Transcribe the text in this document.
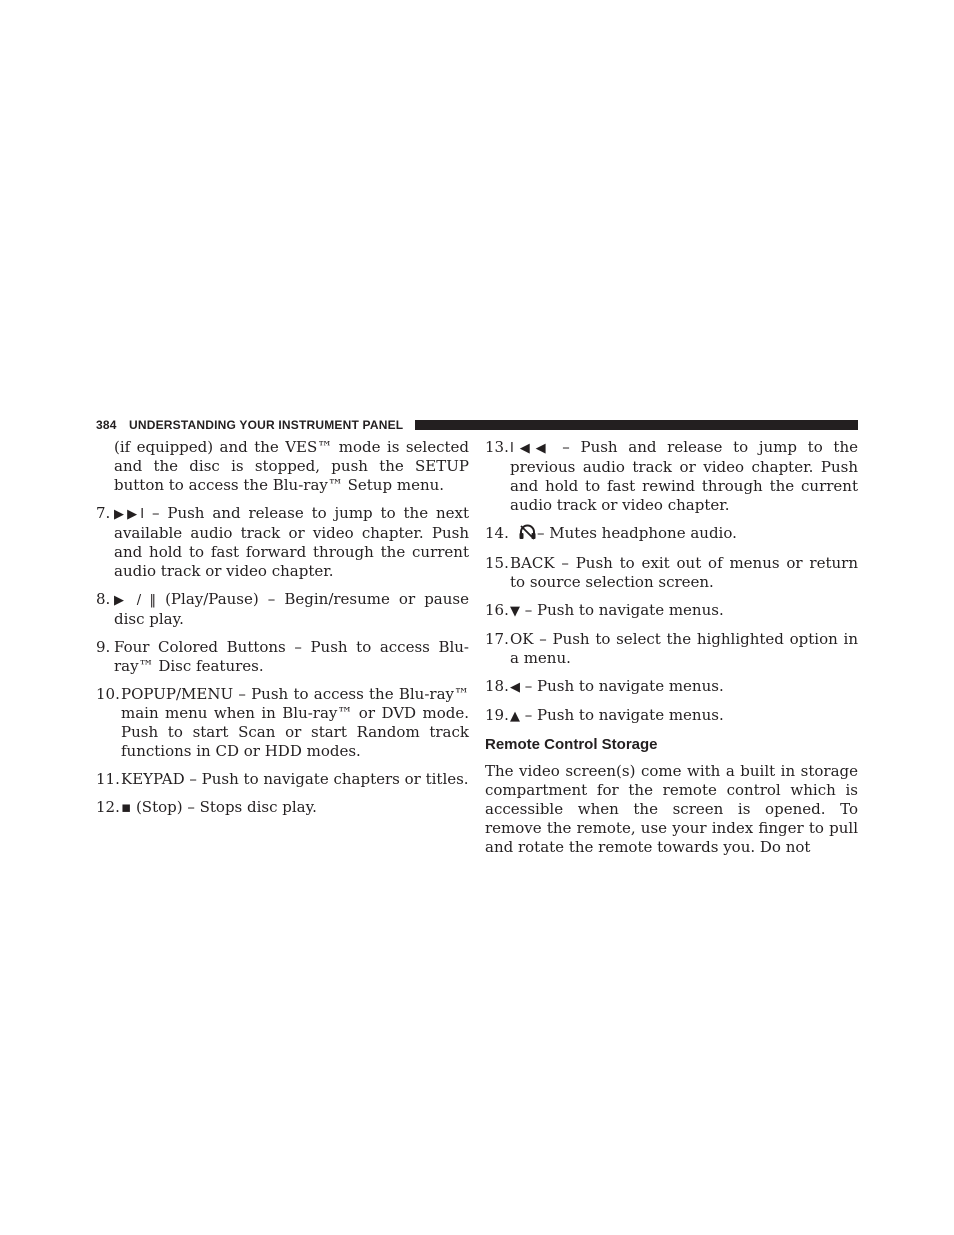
384 UNDERSTANDING YOUR INSTRUMENT PANEL
(if equipped) and the VES™ mode is selected and the disc is stopped, push the SETUP button to access the Blu-ray™ Setup menu.
7. ▶▶I – Push and release to jump to the next available audio track or video chapter. Push and hold to fast forward through the current audio track or video chapter.
8. ▶ / ‖ (Play/Pause) – Begin/resume or pause disc play.
9. Four Colored Buttons – Push to access Blu-ray™ Disc features.
10. POPUP/MENU – Push to access the Blu-ray™ main menu when in Blu-ray™ or DVD mode. Push to start Scan or start Random track functions in CD or HDD modes.
11. KEYPAD – Push to navigate chapters or titles.
12. ▪ (Stop) – Stops disc play.
13. I◀◀ – Push and release to jump to the previous audio track or video chapter. Push and hold to fast rewind through the current audio track or video chapter.
14.	– Mutes headphone audio.
15. BACK – Push to exit out of menus or return to source selection screen.
16. ▼ – Push to navigate menus.
17. OK – Push to select the highlighted option in a menu.
18. ◀ – Push to navigate menus.
19. ▲ – Push to navigate menus.
Remote Control Storage

The video screen(s) come with a built in storage compartment for the remote control which is accessible when the screen is opened. To remove the remote, use your index finger to pull and rotate the remote towards you. Do not
